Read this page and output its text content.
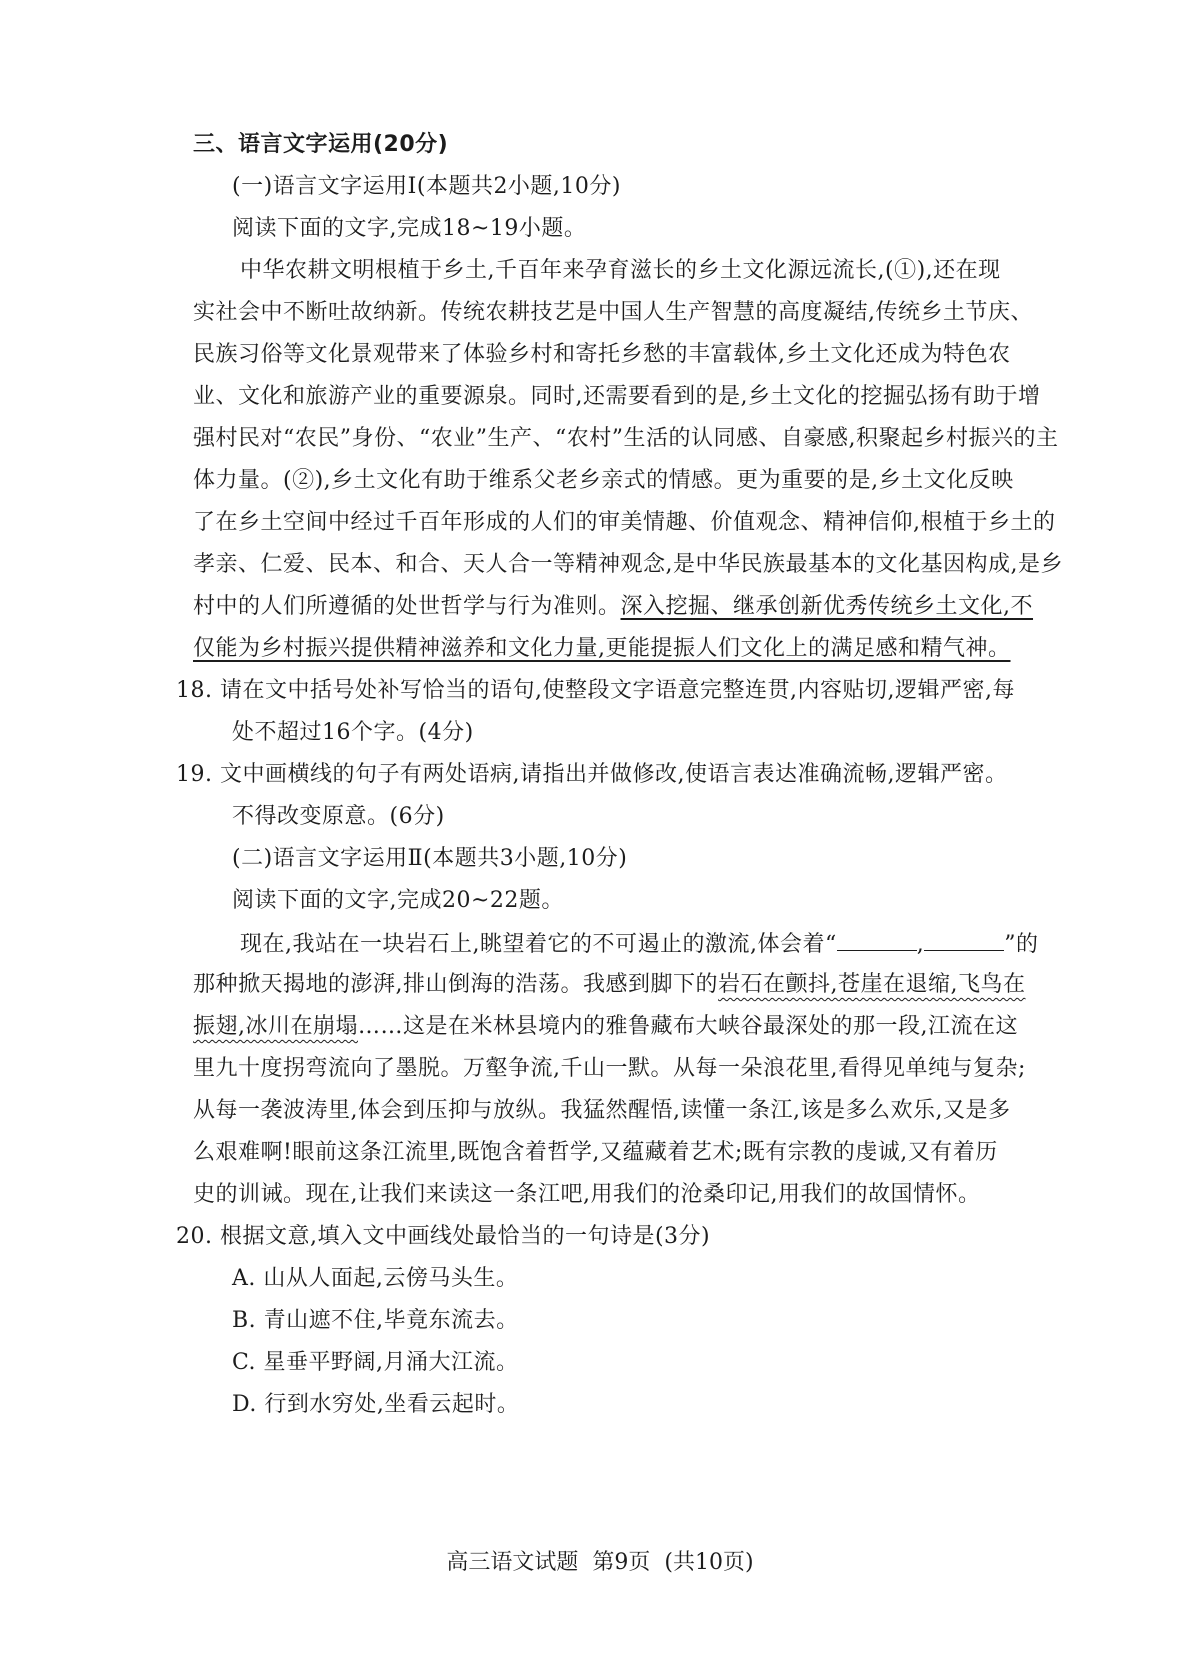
三、语言文字运用(20分)
(一)语言文字运用Ⅰ(本题共2小题,10分)
阅读下面的文字,完成18~19小题。
中华农耕文明根植于乡土,千百年来孕育滋长的乡土文化源远流长,(①),还在现
实社会中不断吐故纳新。传统农耕技艺是中国人生产智慧的高度凝结,传统乡土节庆、
民族习俗等文化景观带来了体验乡村和寄托乡愁的丰富载体,乡土文化还成为特色农
业、文化和旅游产业的重要源泉。同时,还需要看到的是,乡土文化的挖掘弘扬有助于增
强村民对“农民”身份、“农业”生产、“农村”生活的认同感、自豪感,积聚起乡村振兴的主
体力量。(②),乡土文化有助于维系父老乡亲式的情感。更为重要的是,乡土文化反映
了在乡土空间中经过千百年形成的人们的审美情趣、价值观念、精神信仰,根植于乡土的
孝亲、仁爱、民本、和合、天人合一等精神观念,是中华民族最基本的文化基因构成,是乡
村中的人们所遵循的处世哲学与行为准则。深入挖掘、继承创新优秀传统乡土文化,不
仅能为乡村振兴提供精神滋养和文化力量,更能提振人们文化上的满足感和精气神。
18. 请在文中括号处补写恰当的语句,使整段文字语意完整连贯,内容贴切,逻辑严密,每
处不超过16个字。(4分)
19. 文中画横线的句子有两处语病,请指出并做修改,使语言表达准确流畅,逻辑严密。
不得改变原意。(6分)
(二)语言文字运用Ⅱ(本题共3小题,10分)
阅读下面的文字,完成20~22题。
现在,我站在一块岩石上,眺望着它的不可遏止的激流,体会着“	,	”的
那种掀天揭地的澎湃,排山倒海的浩荡。我感到脚下的岩石在颤抖,苍崖在退缩,飞鸟在
振翅,冰川在崩塌……这是在米林县境内的雅鲁藏布大峡谷最深处的那一段,江流在这
里九十度拐弯流向了墨脱。万壑争流,千山一默。从每一朵浪花里,看得见单纯与复杂;
从每一袭波涛里,体会到压抑与放纵。我猛然醒悟,读懂一条江,该是多么欢乐,又是多
么艰难啊!眼前这条江流里,既饱含着哲学,又蕴藏着艺术;既有宗教的虔诚,又有着历
史的训诫。现在,让我们来读这一条江吧,用我们的沧桑印记,用我们的故国情怀。
20. 根据文意,填入文中画线处最恰当的一句诗是(3分)
A. 山从人面起,云傍马头生。
B. 青山遮不住,毕竟东流去。
C. 星垂平野阔,月涌大江流。
D. 行到水穷处,坐看云起时。
高三语文试题  第9页  (共10页)
